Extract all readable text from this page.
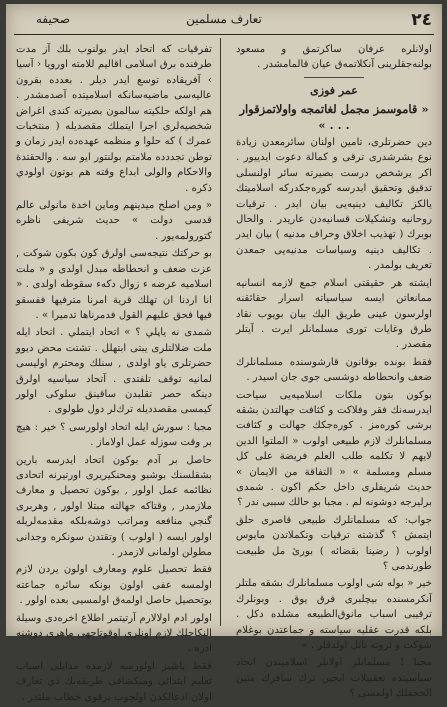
٢٤
تعارف مسلمين
صحيفه

اولانلره عرفان ساكرتمق و مسعود بولنه‌جقلرينى آنكلاتمه‌ق عيان قالمامشدر .

عمر فوزى

« قاموسمز مجمل لغاتمجه واولاتمزقوار . . . »

دين حضرتلرى، تامين اولنان سائرمعدن زيادة نوع بشرشدرى ترقى و كمالة دعوت ايدييور . اكر يرشخص درست بصيرته سائر اولنسلى تدقيق وتحقيق ايدرسه كوره‌جكدركه اسلاميتك يالكز تكاليف دينيه‌يى بيان ايدر . ترقيات روحانيه وتشكيلات قسانيه‌دن عاريدر . والحال بوبرك ( تهذيب اخلاق وحراف مدنيه ) بيان ايدر . تكاليف دينيه وسياسات مدنيه‌يى جمعدن تعريف بولمدر .

ايشته هر حقيقتى اسلام جمع لازمه انسانيه ممانعاتن ايسه سياسياته اسرار حقائقنه اولرسون عينى طريق اليك بيان بويوب نقاد طرق وغايات تورى مسلمانلر ايرت . آيتلر مقصدر .

فقط بونده بوقانون قارشوسنده مسلمانلرك ضعف وانحطاطه دوشسى جوى جان اسيدر .

بوكون بتون ملكات اسلاميه‌يى سياحت ايدرسه‌نك فقر وفلاكت و كثافت جهالتدن بشقه برشى كوره‌مز . كوره‌جكك جهالت و كثافت مسلمانلرك لازم طبيعى اولوب « الملتوا الدين لايهم لا تكلمه طلب العلم فريضة على كل مسلم ومسلمة » « التفاقة من الايمان » حديث شريفلرى داخل حكم اكون . شمدى برليرجه دوشونه لم . مجبا بو حالك سببى ندر ؟

جواب: كه مسلمانلرك طبيعى قاصرى حلق ايتمش ؟ گذشته ترقيات وتكملاتدن مايوس اولوب ( رضينا بقضائه ) بورئ مل طبيعت طورندمى ؟

خير « بوله شى اولوب مسلمانلرك بشقه ملتلر آنكرمسنده بيچلبرى فرق يوق . وبونلرك ترقيبى اسباب مانوق‌الطبيعه مشلده دكل . بلكه قدرت عقليه سياسته و جماعتدن بوغلام شوكت و ثروته نائل اولدقلر . »

مجبا ! مسلمانلر اولانلر اسلاميتدن اتحاد سياسيتده تعقيبلات ابجين ترك ساقرك متين الحجقلك اولمسى ؟

تفرقيات كه اتحاد ايدر بولنوب بلك آز مدت طرفنده برق اسلامى اقاليم للامته اورويا ‹ آسيا › آفريقاده توسع ايدر ديلر . بعدده بقرون عاليه‌سى ماضيه‌سانكه اسلاميتده آصدمشدر . هم اولكه حلكيته سالمون بصيرته كندى اغراض شخصيه‌لرى اجرا ايتملك مقصديله ( منتخبات عمرك ) كه حلوا و منظمه عهده‌ده ايدر زمان و توطن تجددده ملامتم بولنتور ايو سه . والحقتدة والاحكام والولى ابداع وقته هم بوتون اولودي ذكره .

« ومن اصلح ميدينهم وماين اخدة مانولى عالم قدسى دولت » حديث شريفى ناظره كتورولمه‌يور .

بو حركتك نتيجه‌سى اولرق كون بكون شوكت , عزت ضعف و انحطاطه مبدل اولدى و « ملت اسلاميه عرضه ء زوال دكه‌ء سقوطه اولدى . « انا اردنا ان تهلك قرية امرنا مترفيها ففسقو فيها فحق عليهم القول فدمرناها تدميرا » .

شمدى نه ياپلي ؟ » اتحاد ايتملي . اتحاد ايله ملت ضلالتلرى يبتى ابتهلل . تشتت محض ديوو حضرتلرى ياو اولدى , سنلك ومحترم اوليسى لمانيه توقف تلفتدى . آتحاد سياسيه اولرق دينكه حصر تقلبدن ساقينق سلوكى اولور كيمسى مقصدديله ترك‌لر دول طولوى .

مجبا : سورش ايله اتحاد اولورسى ؟ خير : هيچ بر وقت سوزله عمل اولاماز .

حاصل بر آدم بوكون اتحاد ايدرسه بارين بشقلسنك بوشبو ومحنكيريرى اورتيرنه اتحادى نظائمه عمل اولور , بوكون تحصيل و معارف ملازمدر , وقتاكه جهالته مبتلا اولور , وهربرى گنجي منافعه ومراتب دوشه‌بلكه مقدمه‌لريله اولور ايسه ( اولوب ) وتقتدن سونكره وجدانى مطولن اولمانى لازمدر .

فقط تحصيل علوم ومعارف اولون يردن لازم اولمسه عفى اولون بونكه سائره جماعته بوتحصيل حاصل اولمه‌ق اولمسيى بعده اولور .

اولور ادم اولا‌لارم آرتيتمر اطلاع اخره‌دى وسيلة النكاحلك لازم اونلرى اوقوتاجهى ماهرى دوشنه ادره .

فقط باشيز اولورسه لازمده مدايلى اسباب تعليم ابتدائى ومنكشافى طريقه‌نك ذي تعارف اولان ادعالكدن اولجوب برقوى خطاب ملتدر .
